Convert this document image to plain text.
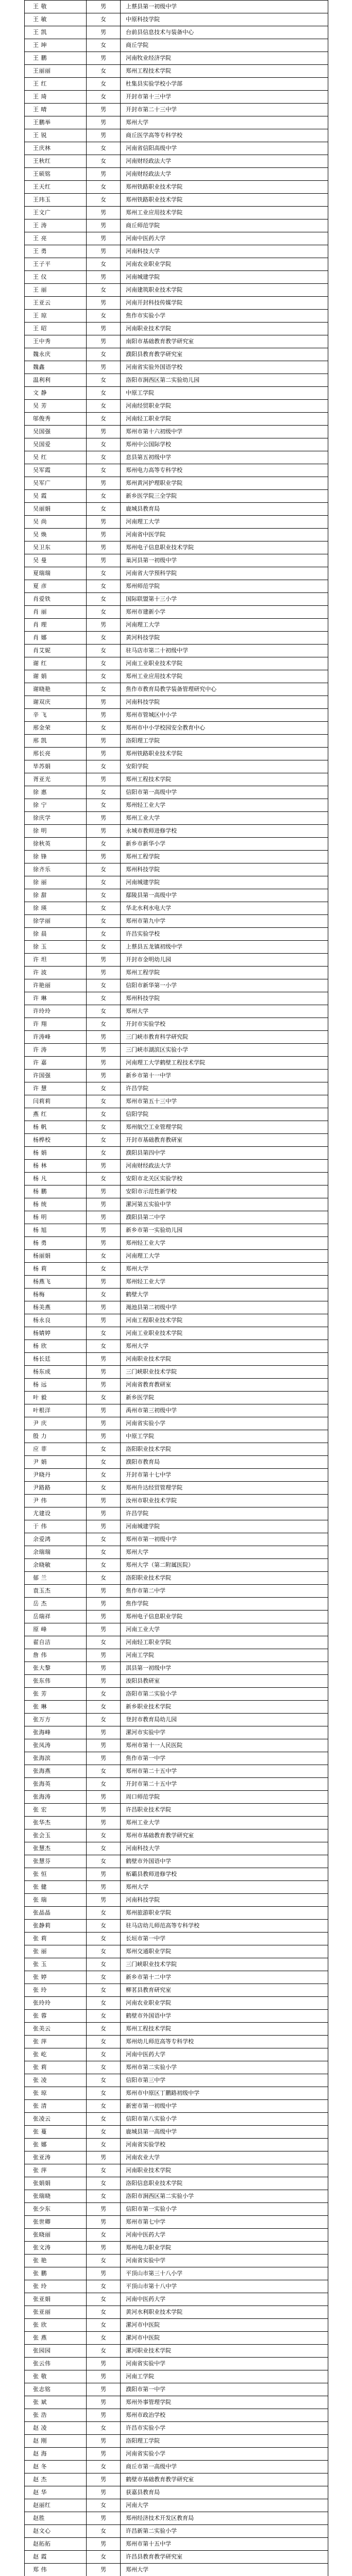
王 敬	男	上蔡县第一初级中学
王 敏	女	中原科技学院
王 凯	男	台前县信息技术与装备中心
王 坤	女	商丘学院
王 鹏	男	河南牧业经济学院
王丽丽	女	郑州工程技术学院
王 红	女	杜集县实验学校小学部
王 琦	女	开封市第十三中学
王 晴	男	开封市第二十三中学
王鹏举	男	郑州大学
王 锐	男	商丘医学高等专科学校
王庆林	女	河南省信阳高级中学
王秋红	女	河南财经政法大学
王硕铭	男	河南财经政法大学
王天红	女	郑州铁路职业技术学院
王玮玉	女	郑州铁路职业技术学院
王文广	男	郑州工业应用技术学院
王 涛	男	商丘师范学院
王 亮	男	河南中医药大学
王 勇	男	河南科技大学
王子平	女	河南农业职业学院
王 仪	男	河南城建学院
王 丽	女	河南建筑职业技术学院
王亚云	男	河南开封科技传媒学院
王 琼	女	焦作市实验小学
王 昭	男	河南职业技术学院
王中秀	男	南阳市基础教育教学研究室
魏永庆	女	濮阳县教育教学研究室
魏鑫	男	河南省实验外国语学校
温利利	女	洛阳市涧西区第二实验幼儿园
文 静	女	中原工学院
吴 芳	女	河南经贸职业学院
邬俊秀	女	河南轻工职业学院
吴国强	男	郑州市第十六初级中学
吴国爱	女	郑州中公国际学校
吴 红	女	息县第五初级中学
吴军霞	女	郑州电力高等专科学校
吴军广	男	郑州黄河护理职业学院
吴 霞	女	新乡医学院三全学院
吴丽娟	女	鹿城县教育局
吴 尚	男	河南理工大学
吴 焕	男	河南省中医学院
吴卫东	男	郑州电子信息职业技术学院
吴 曼	男	巢河县第一初级中学
夏瑞瑞	女	河南省大学预科学院
夏 彦	女	郑州师范学院
肖爱铁	女	国际联盟第十三小学
肖 丽	女	郑州市建新小学
肖 理	男	河南理工大学
肖 娜	女	黄河科技学院
肖艾妮	女	驻马店市第二十初级中学
谢 红	女	河南工业职业技术学院
谢 娟	女	郑州工业应用技术学院
谢晓艳	女	焦作市教育局教学装备管理研究中心
谢双庆	男	河南科技学院
辛 飞	男	郑州市管城区中小学
邢金荣	女	郑州市中小学校园安全教育中心
邢 凯	男	洛阳理工学院
邢长亮	男	郑州铁路职业技术学院
毕苏娟	女	安阳学院
胥亚光	男	郑州工程技术学院
徐 惠	女	信阳市第一高级中学
徐 宁	女	郑州轻工业大学
徐庆学	男	郑州工业大学
徐 明	男	永城市教师进修学校
徐秋英	女	新乡市新华小学
徐 锋	男	郑州工程学院
徐齐乐	女	郑州科技学院
徐 丽	女	河南城建学院
徐 甜	女	鄢陵县第一高级中学
徐 瑛	女	华北水利水电大学
徐学丽	女	郑州市第九中学
徐 晨	女	许昌实验学校
徐 玉	女	上蔡县五龙镇初级中学
许 坦	男	开封市金明幼儿园
许 波	男	郑州工程学院
许艳丽	女	信阳市新华第一小学
许 琳	女	郑州科技学院
许玲玲	女	郑州大学
许 翔	女	开封市实验学校
许涛峰	男	三门峡市教育科学研究院
许 涛	男	三门峡市湖滨区实验小学
许 嘉	男	河南理工大学鹤壁工程技术学院
许国强	男	新乡市第十一中学
许 慧	女	许昌学院
闫莉莉	女	郑州市第五十三中学
燕 红	女	信阳学院
杨 帆	女	郑州航空工业管理学院
杨桦校	女	开封市基础教育教研室
杨 娟	女	濮阳县第四中学
杨 林	男	河南财经政法大学
杨 凡	女	安阳市北关区实验学校
杨 鹏	男	安阳市示范性新学校
杨 统	男	漯河第五实验中学
杨 明	男	濮阳县第二中学
杨 旭	男	新乡市第一实验幼儿园
杨 勇	男	郑州轻工业大学
杨丽娟	女	河南理工大学
杨 莉	女	郑州大学
杨燕飞	男	郑州轻工业大学
杨梅	女	鹤壁大学
杨美燕	男	渑池县第二初级中学
杨永良	男	河南工程职业技术学院
杨婧婷	女	河南工业职业技术学院
杨 欣	女	郑州大学
杨长廷	男	河南职业技术学院
杨东成	男	三门峡职业技术学院
杨 远	男	河南省教育教研室
叶 毅	女	新乡医学院
叶根洋	男	禹州市第三初级中学
尹 庆	男	河南省实验小学
殷 力	男	中原工学院
应 菲	女	洛阳职业技术学院
尹 娟	女	濮阳市教育局
尹晓丹	女	开封市第十七中学
尹路路	女	郑州升达经贸管理学院
尹 伟	男	汝州市职业技术学院
尤建设	男	许昌学院
于 伟	男	河南城建学院
余爱鸿	女	郑州市第一初级中学
余瑞瑞	女	郑州大学
余晓敏	女	郑州大学（第二附属医院）
郁 兰	女	洛阳职业技术学院
袁玉杰	男	焦作市第二中学
岳 杰	男	焦作学院
岳瑞祥	男	郑州电子信息职业学院
原 峰	男	河南工业大学
翟自洁	女	河南轻工职业学院
詹 伟	男	河南工学院
张大黎	男	淇县第一初级中学
张东伟	男	浚阳县教研室
张 芳	女	洛阳市第二实验小学
张 琳	女	新乡职业技术学院
张万方	女	登封市教育局幼儿园
张海峰	男	漯河市实验中学
张凤涛	男	郑州市第十一人民医院
张海滨	男	焦作市第一中学
张海燕	女	郑州市第二十五中学
张海英	女	开封市第二十五中学
张海涛	男	周口师范学院
张 宏	男	许昌职业技术学院
张华杰	男	郑州工业大学
张会玉	女	郑州市基础教育教学研究室
张慧杰	女	河南科技大学
张慧芬	女	鹤壁市外国语中学
张 恒	男	柘霸县教师进修学校
张 健	男	郑州大学
张 瑞	男	河南科技学院
张晶晶	女	郑州旅游职业学院
张静莉	女	驻马店幼儿师范高等专科学校
张 莉	女	长垣市第一中学
张 丽	女	郑州交通职业学院
张 玉	女	三门峡职业技术学院
张 婷	女	新乡市第十二中学
张 玲	女	柳茗县教育研究室
张玲玲	女	河南农业职业学院
张 蓉	女	鹤壁市外国语中学
张美云	女	郑州工程技术学院
张 萍	女	郑州幼儿师范高等专科学校
张 屹	女	河南中医药大学
张 莉	女	郑州市第二实验小学
张 凌	女	信阳市第三中学
张 琼	女	郑州市中原区丁鹏路初级中学
张 清	女	新密市第一初级中学
张凌云	女	信阳市第八实验小学
张 蔓	女	鹿城县第一高级中学
张 娜	女	河南省实验学校
张亚涛	男	河南农业大学
张 萍	女	河南职业技术学院
张娟娟	女	洛阳信息职业技术学院
张瑞晓	女	洛阳市涧西区第二实验小学
张少东	男	信阳市第一实验小学
张世卿	男	郑州市第七中学
张晓丽	女	河南中医药大学
张文涛	男	郑州电力职业学院
张 艳	女	河南省实验中学
张 鹏	男	平顶山市第三十八小学
张 玲	女	平顶山市第十八中学
张亚娟	女	河南中医药大学
张亚丽	女	黄河水利职业技术学院
张 欣	女	漯河市中医院
张 燕	女	漯河市中医院
张园园	女	漯河职业技术学院
张云伟	男	河南省实验中学
张 敬	男	河南工学院
张志铭	男	濮阳市第一中学
张 斌	男	郑州外事管理学院
张 浩	男	郑州市政治学校
赵 凌	女	许昌市实验小学
赵 刚	男	洛阳理工学院
赵 海	男	河南省实验小学
赵 冬	女	商丘市第一高级中学
赵 杰	男	鹤壁市基础教育教学研究室
赵 华	男	获嘉县教育局
赵丽红	女	河南大学
赵胜	男	郑州经济技术开发区教育局
赵文心	女	许昌新第二实验小学
赵拓拓	男	郑州市第十五中学
赵 霞	女	许昌县教育教学研究室
郑 伟	男	郑州大学
